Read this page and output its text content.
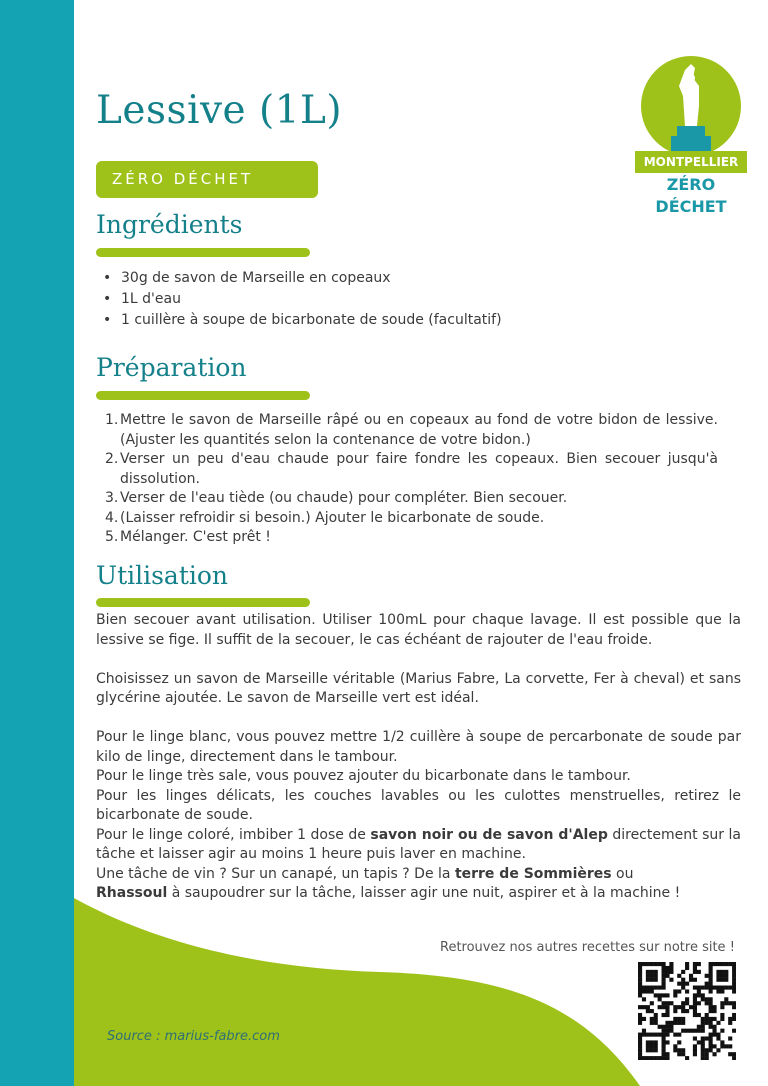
Lessive (1L)
ZÉRO DÉCHET
MONTPELLIER
ZÉRO DÉCHET
Ingrédients
• 30g de savon de Marseille en copeaux
• 1L d'eau
• 1 cuillère à soupe de bicarbonate de soude (facultatif)
Préparation
1. Mettre le savon de Marseille râpé ou en copeaux au fond de votre bidon de lessive. (Ajuster les quantités selon la contenance de votre bidon.)
2. Verser un peu d'eau chaude pour faire fondre les copeaux. Bien secouer jusqu'à dissolution.
3. Verser de l'eau tiède (ou chaude) pour compléter. Bien secouer.
4. (Laisser refroidir si besoin.) Ajouter le bicarbonate de soude.
5. Mélanger. C'est prêt !
Utilisation

Bien secouer avant utilisation. Utiliser 100mL pour chaque lavage. Il est possible que la lessive se fige. Il suffit de la secouer, le cas échéant de rajouter de l'eau froide.

Choisissez un savon de Marseille véritable (Marius Fabre, La corvette, Fer à cheval) et sans glycérine ajoutée. Le savon de Marseille vert est idéal.

Pour le linge blanc, vous pouvez mettre 1/2 cuillère à soupe de percarbonate de soude par kilo de linge, directement dans le tambour.

Pour le linge très sale, vous pouvez ajouter du bicarbonate dans le tambour.

Pour les linges délicats, les couches lavables ou les culottes menstruelles, retirez le bicarbonate de soude.

Pour le linge coloré, imbiber 1 dose de savon noir ou de savon d'Alep directement sur la tâche et laisser agir au moins 1 heure puis laver en machine.

Une tâche de vin ? Sur un canapé, un tapis ? De la terre de Sommières ou

Rhassoul à saupoudrer sur la tâche, laisser agir une nuit, aspirer et à la machine !

Retrouvez nos autres recettes sur notre site !
Source : marius-fabre.com
